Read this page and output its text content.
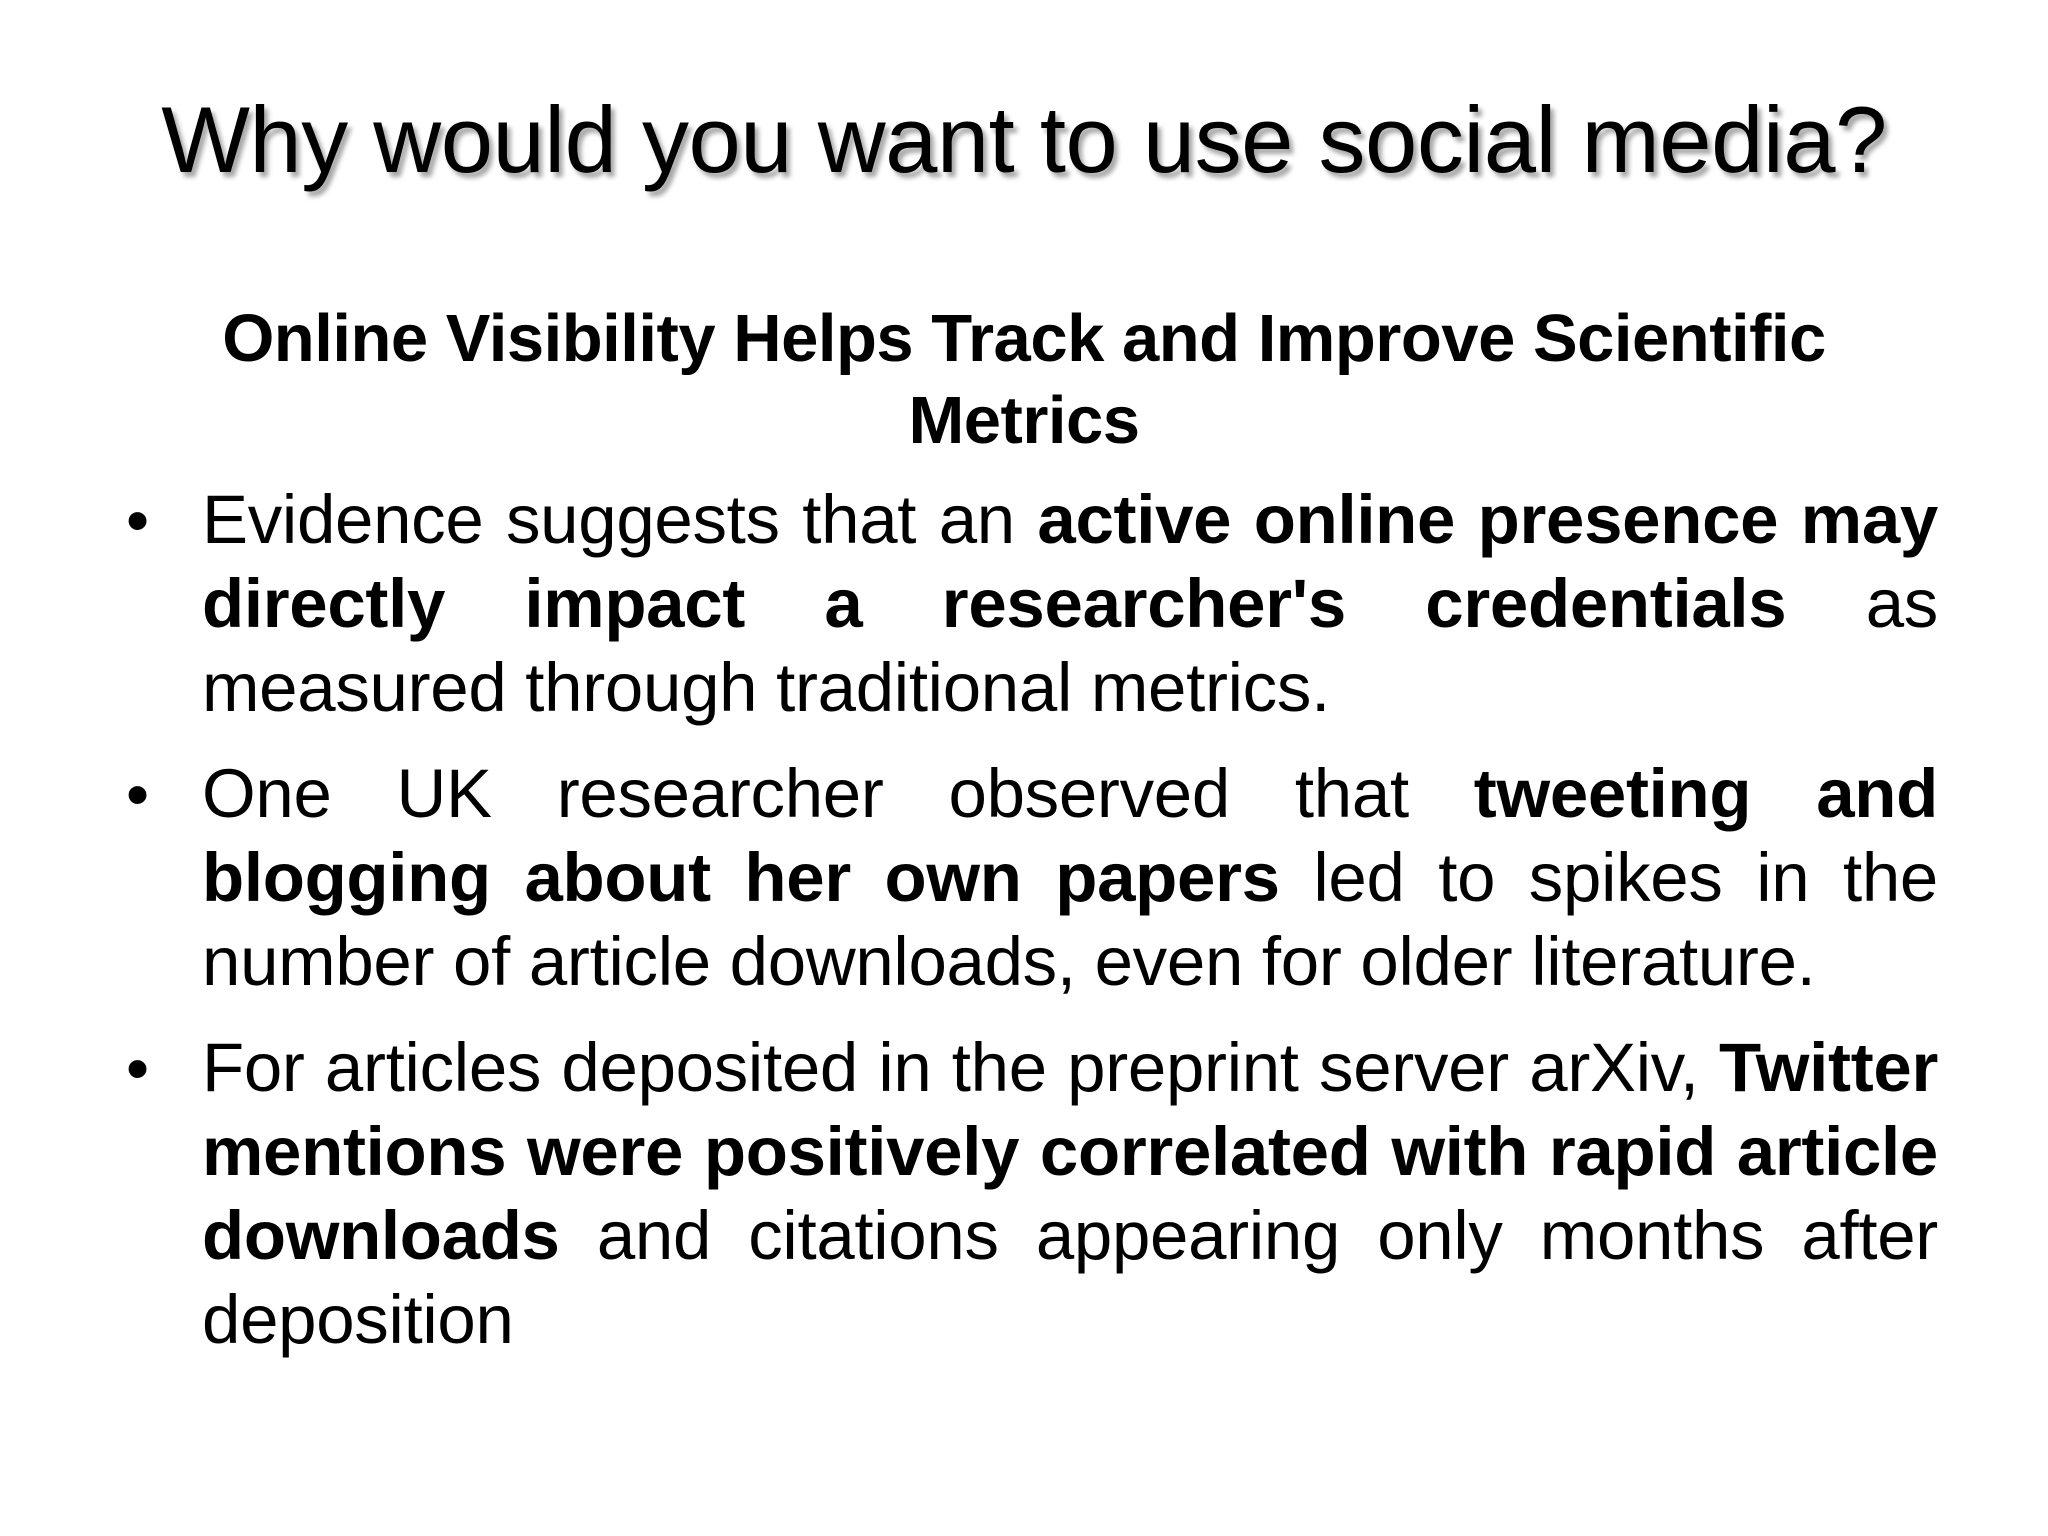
Why would you want to use social media?
Online Visibility Helps Track and Improve Scientific Metrics
• Evidence suggests that an active online presence may directly impact a researcher's credentials as measured through traditional metrics.
• One UK researcher observed that tweeting and blogging about her own papers led to spikes in the number of article downloads, even for older literature.
• For articles deposited in the preprint server arXiv, Twitter mentions were positively correlated with rapid article downloads and citations appearing only months after deposition
